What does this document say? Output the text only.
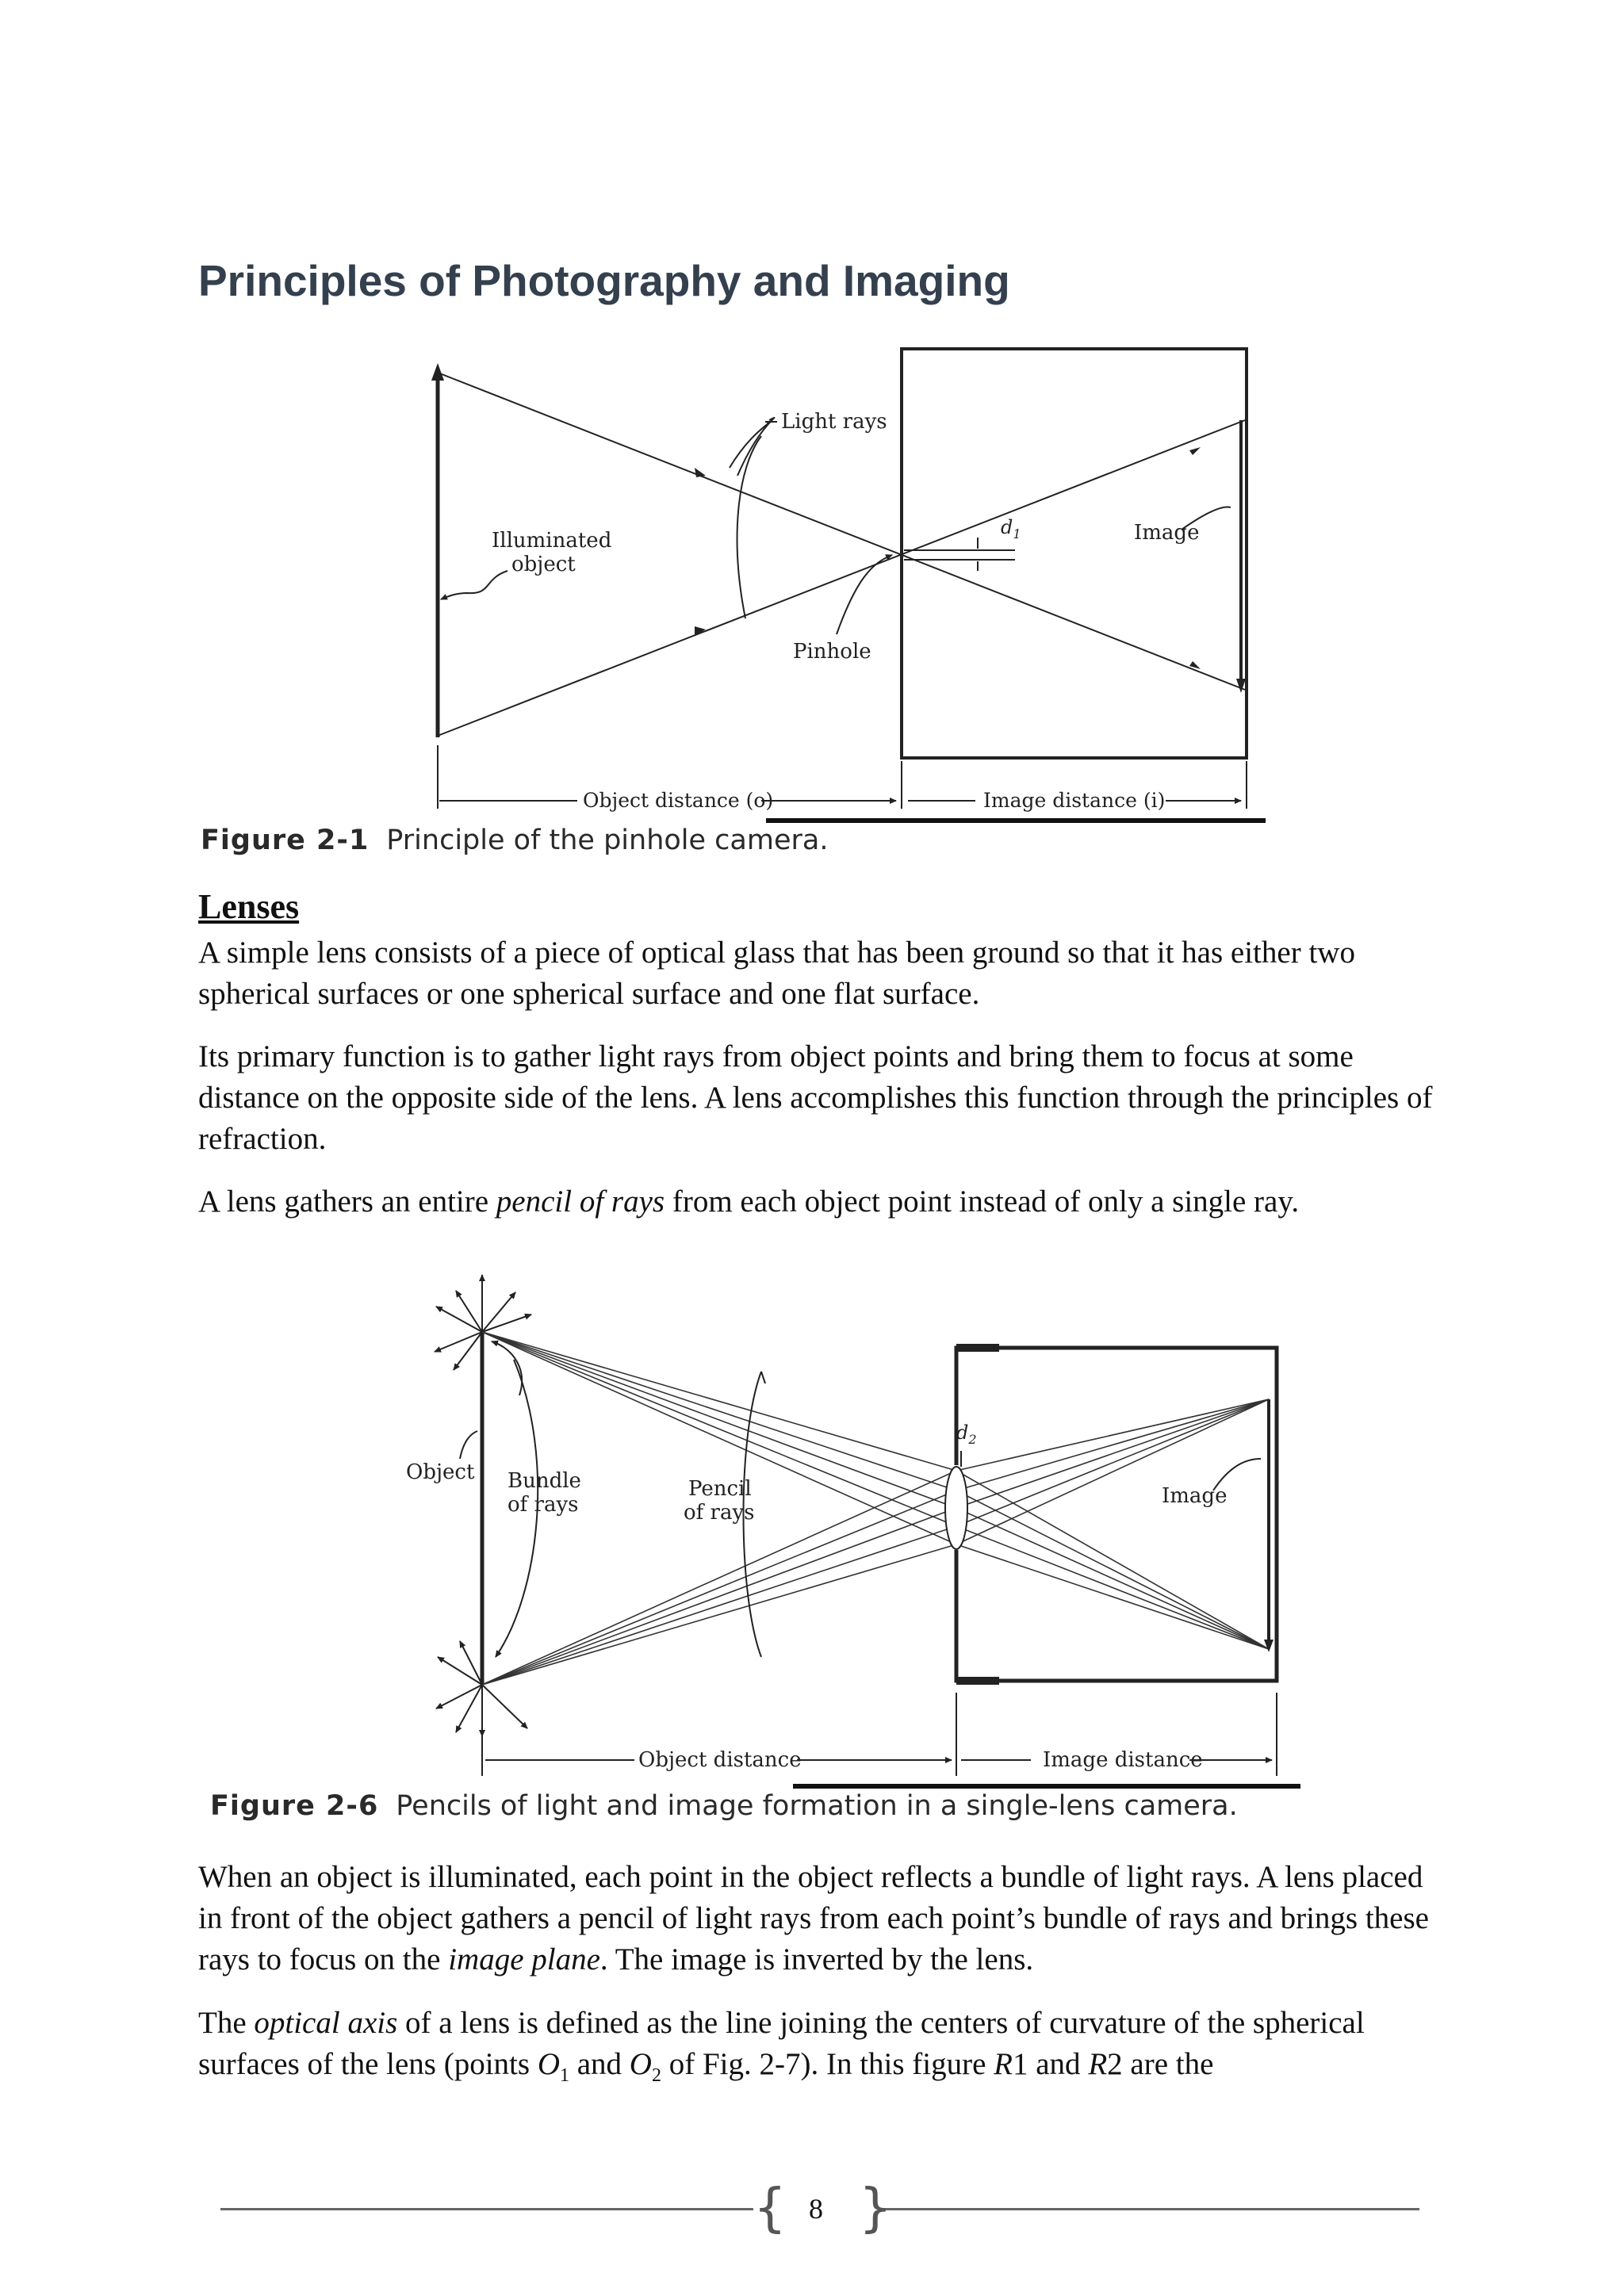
Principles of Photography and Imaging
Light rays
Illuminated
object
Pinhole
$d_1$	Image
Object distance (o)	Image distance (i)

Figure 2-1 Principle of the pinhole camera.

Lenses

A simple lens consists of a piece of optical glass that has been ground so that it has either two spherical surfaces or one spherical surface and one flat surface.

Its primary function is to gather light rays from object points and bring them to focus at some distance on the opposite side of the lens. A lens accomplishes this function through the principles of refraction.

A lens gathers an entire pencil of rays from each object point instead of only a single ray.

Object Bundle
of rays
Pencil
of rays
$d_2$
Image
Object distance	Image distance

Figure 2-6 Pencils of light and image formation in a single-lens camera.

When an object is illuminated, each point in the object reflects a bundle of light rays. A lens placed in front of the object gathers a pencil of light rays from each point’s bundle of rays and brings these rays to focus on the image plane. The image is inverted by the lens.

The optical axis of a lens is defined as the line joining the centers of curvature of the spherical surfaces of the lens (points $O_1$ and $O_2$ of Fig. 2-7). In this figure R1 and R2 are the

{ }
8
